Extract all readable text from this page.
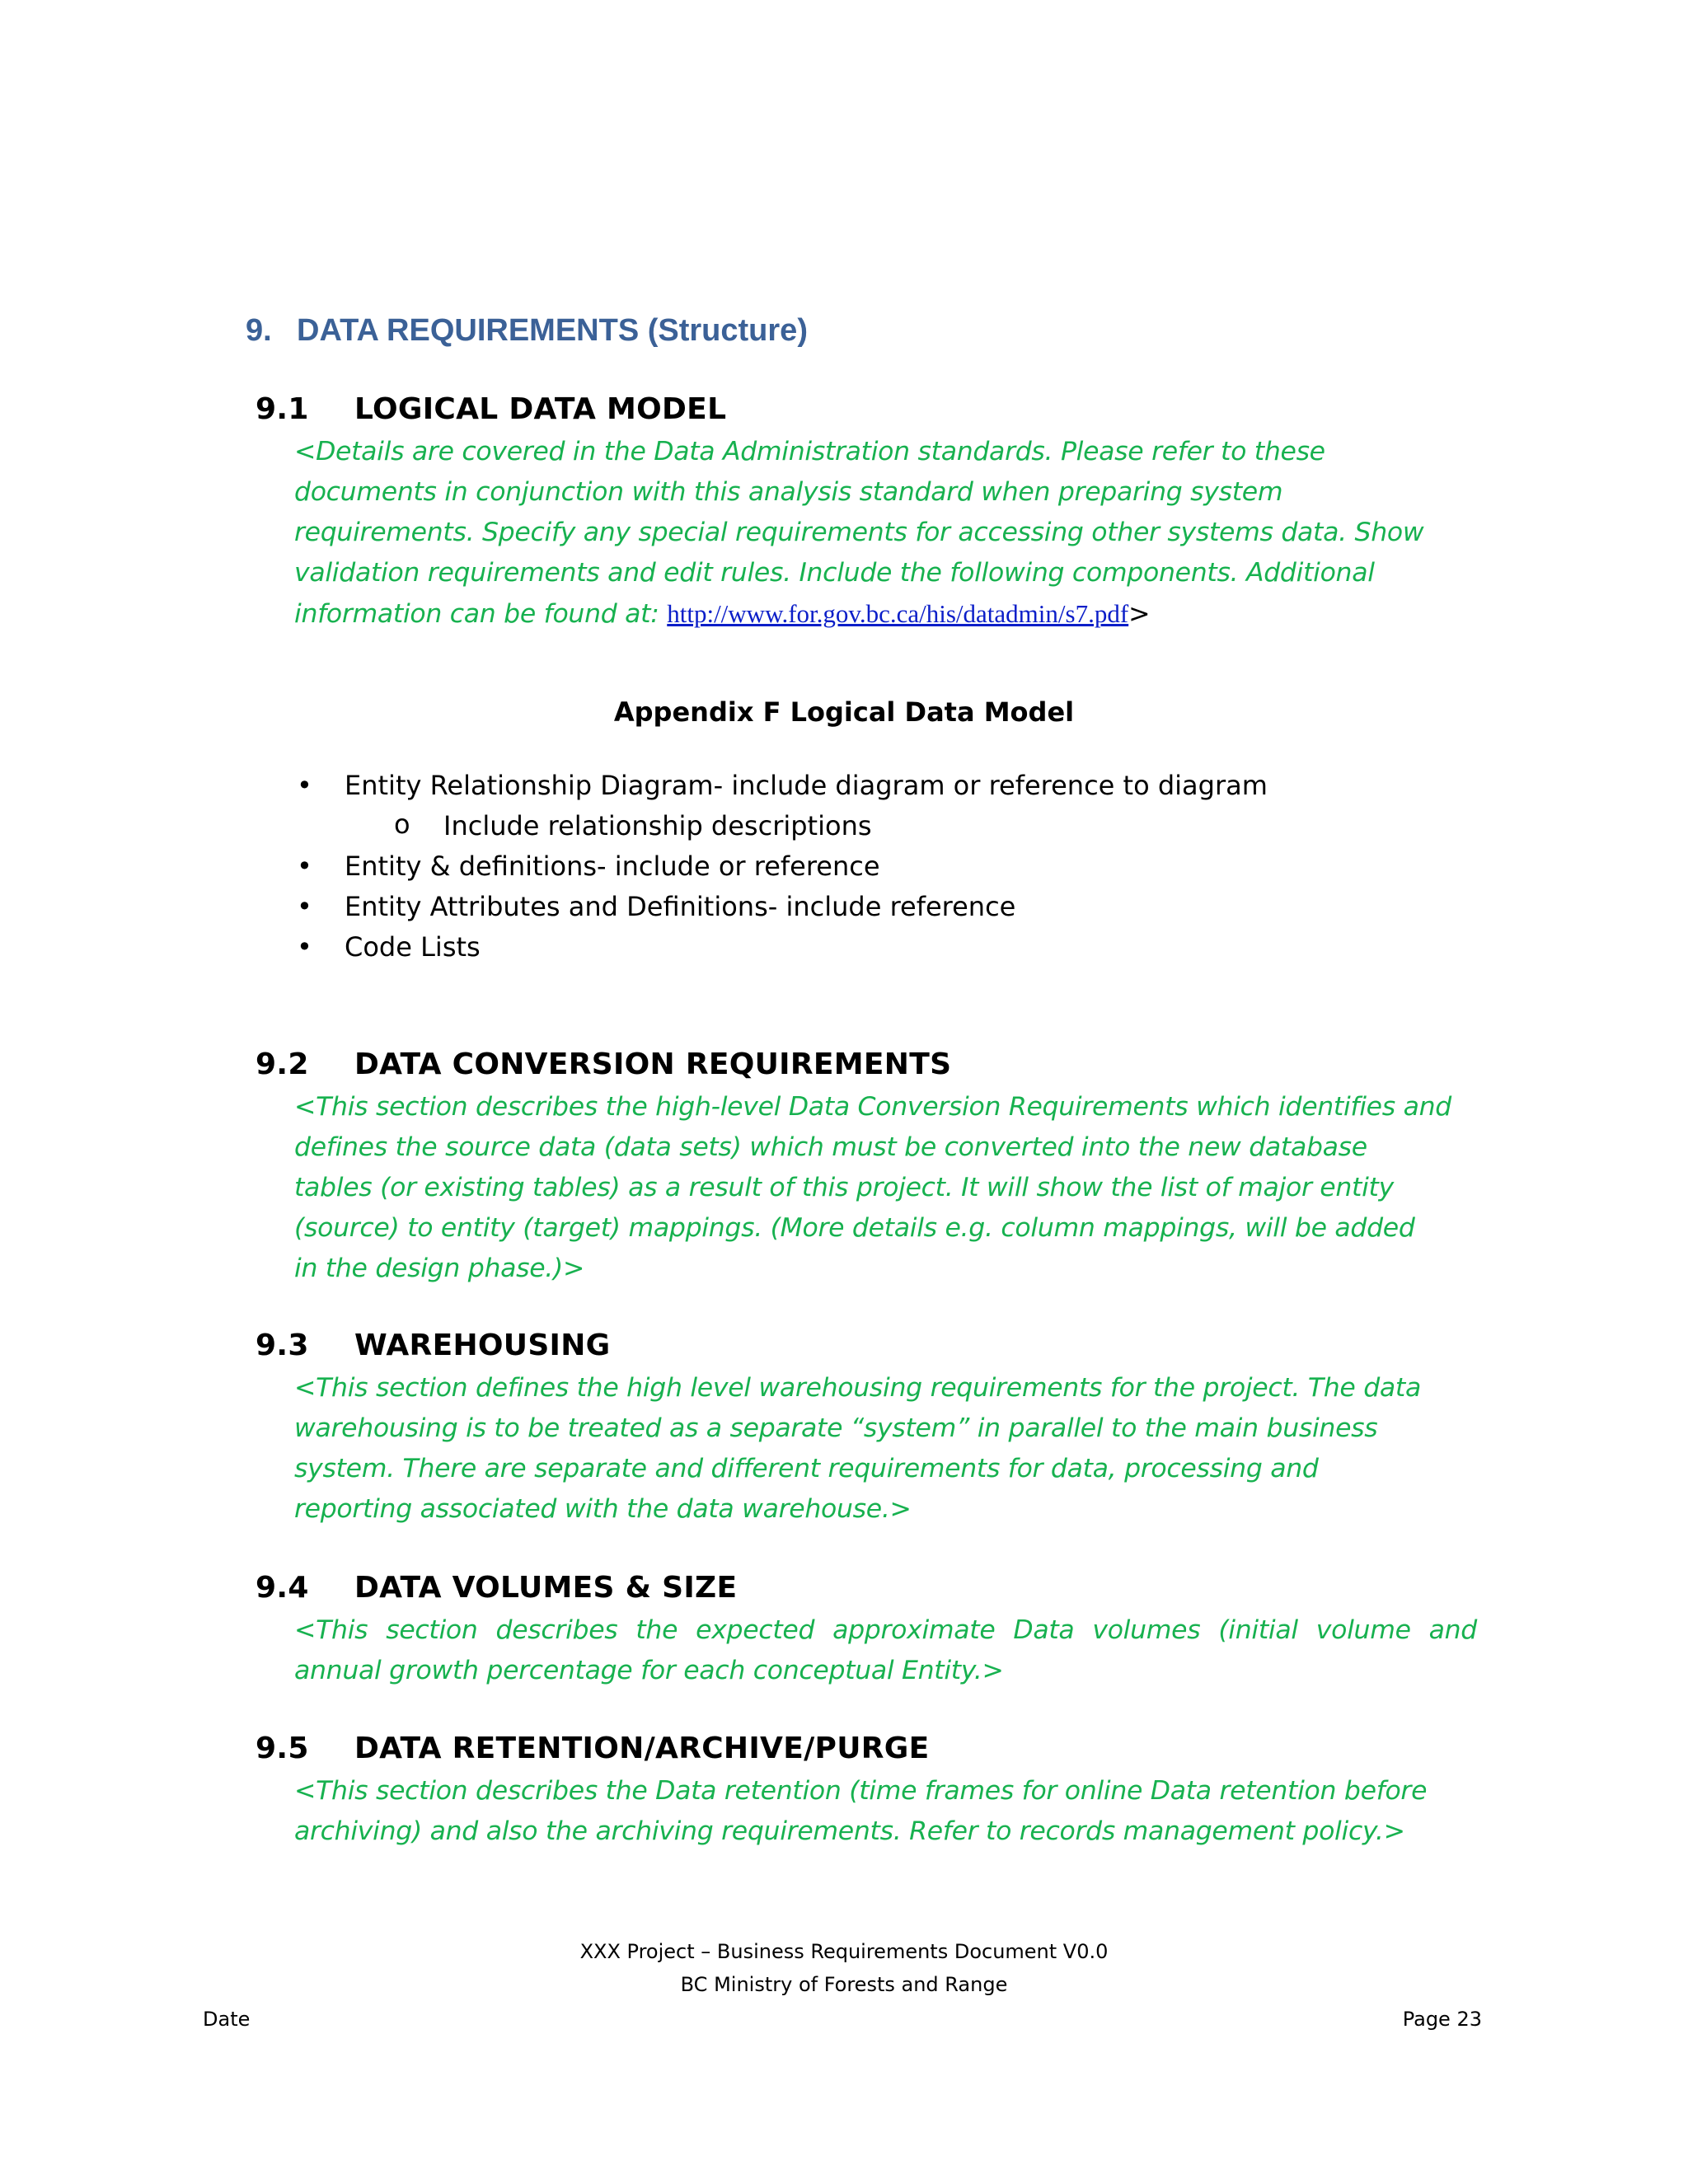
9. DATA REQUIREMENTS (Structure)
9.1 LOGICAL DATA MODEL
<Details are covered in the Data Administration standards. Please refer to these
documents in conjunction with this analysis standard when preparing system
requirements. Specify any special requirements for accessing other systems data. Show
validation requirements and edit rules. Include the following components. Additional
information can be found at: http://www.for.gov.bc.ca/his/datadmin/s7.pdf>
Appendix F Logical Data Model
• Entity Relationship Diagram- include diagram or reference to diagram
o Include relationship descriptions
• Entity & definitions- include or reference
• Entity Attributes and Definitions- include reference
• Code Lists
9.2 DATA CONVERSION REQUIREMENTS
<This section describes the high-level Data Conversion Requirements which identifies and
defines the source data (data sets) which must be converted into the new database
tables (or existing tables) as a result of this project. It will show the list of major entity
(source) to entity (target) mappings. (More details e.g. column mappings, will be added
in the design phase.)>
9.3 WAREHOUSING
<This section defines the high level warehousing requirements for the project. The data
warehousing is to be treated as a separate “system” in parallel to the main business
system. There are separate and different requirements for data, processing and
reporting associated with the data warehouse.>
9.4 DATA VOLUMES & SIZE
<This section describes the expected approximate Data volumes (initial volume and
annual growth percentage for each conceptual Entity.>
9.5 DATA RETENTION/ARCHIVE/PURGE
<This section describes the Data retention (time frames for online Data retention before
archiving) and also the archiving requirements. Refer to records management policy.>
XXX Project – Business Requirements Document V0.0
BC Ministry of Forests and Range
Date	Page 23
